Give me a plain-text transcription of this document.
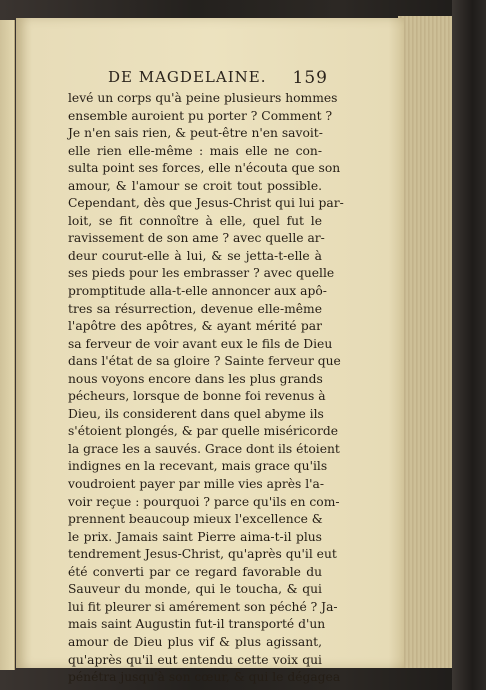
DE MAGDELAINE. 159
levé un corps qu'à peine plusieurs hommes
ensemble auroient pu porter ? Comment ?
Je n'en sais rien, & peut-être n'en savoit-
elle rien elle-même : mais elle ne con-
sulta point ses forces, elle n'écouta que son
amour, & l'amour se croit tout possible.
Cependant, dès que Jesus-Christ qui lui par-
loit, se fit connoître à elle, quel fut le
ravissement de son ame ? avec quelle ar-
deur courut-elle à lui, & se jetta-t-elle à
ses pieds pour les embrasser ? avec quelle
promptitude alla-t-elle annoncer aux apô-
tres sa résurrection, devenue elle-même
l'apôtre des apôtres, & ayant mérité par
sa ferveur de voir avant eux le fils de Dieu
dans l'état de sa gloire ? Sainte ferveur que
nous voyons encore dans les plus grands
pécheurs, lorsque de bonne foi revenus à
Dieu, ils considerent dans quel abyme ils
s'étoient plongés, & par quelle miséricorde
la grace les a sauvés. Grace dont ils étoient
indignes en la recevant, mais grace qu'ils
voudroient payer par mille vies après l'a-
voir reçue : pourquoi ? parce qu'ils en com-
prennent beaucoup mieux l'excellence &
le prix. Jamais saint Pierre aima-t-il plus
tendrement Jesus-Christ, qu'après qu'il eut
été converti par ce regard favorable du
Sauveur du monde, qui le toucha, & qui
lui fit pleurer si amérement son péché ? Ja-
mais saint Augustin fut-il transporté d'un
amour de Dieu plus vif & plus agissant,
qu'après qu'il eut entendu cette voix qui
pénétra jusqu'à son cœur, & qui le dégagea
